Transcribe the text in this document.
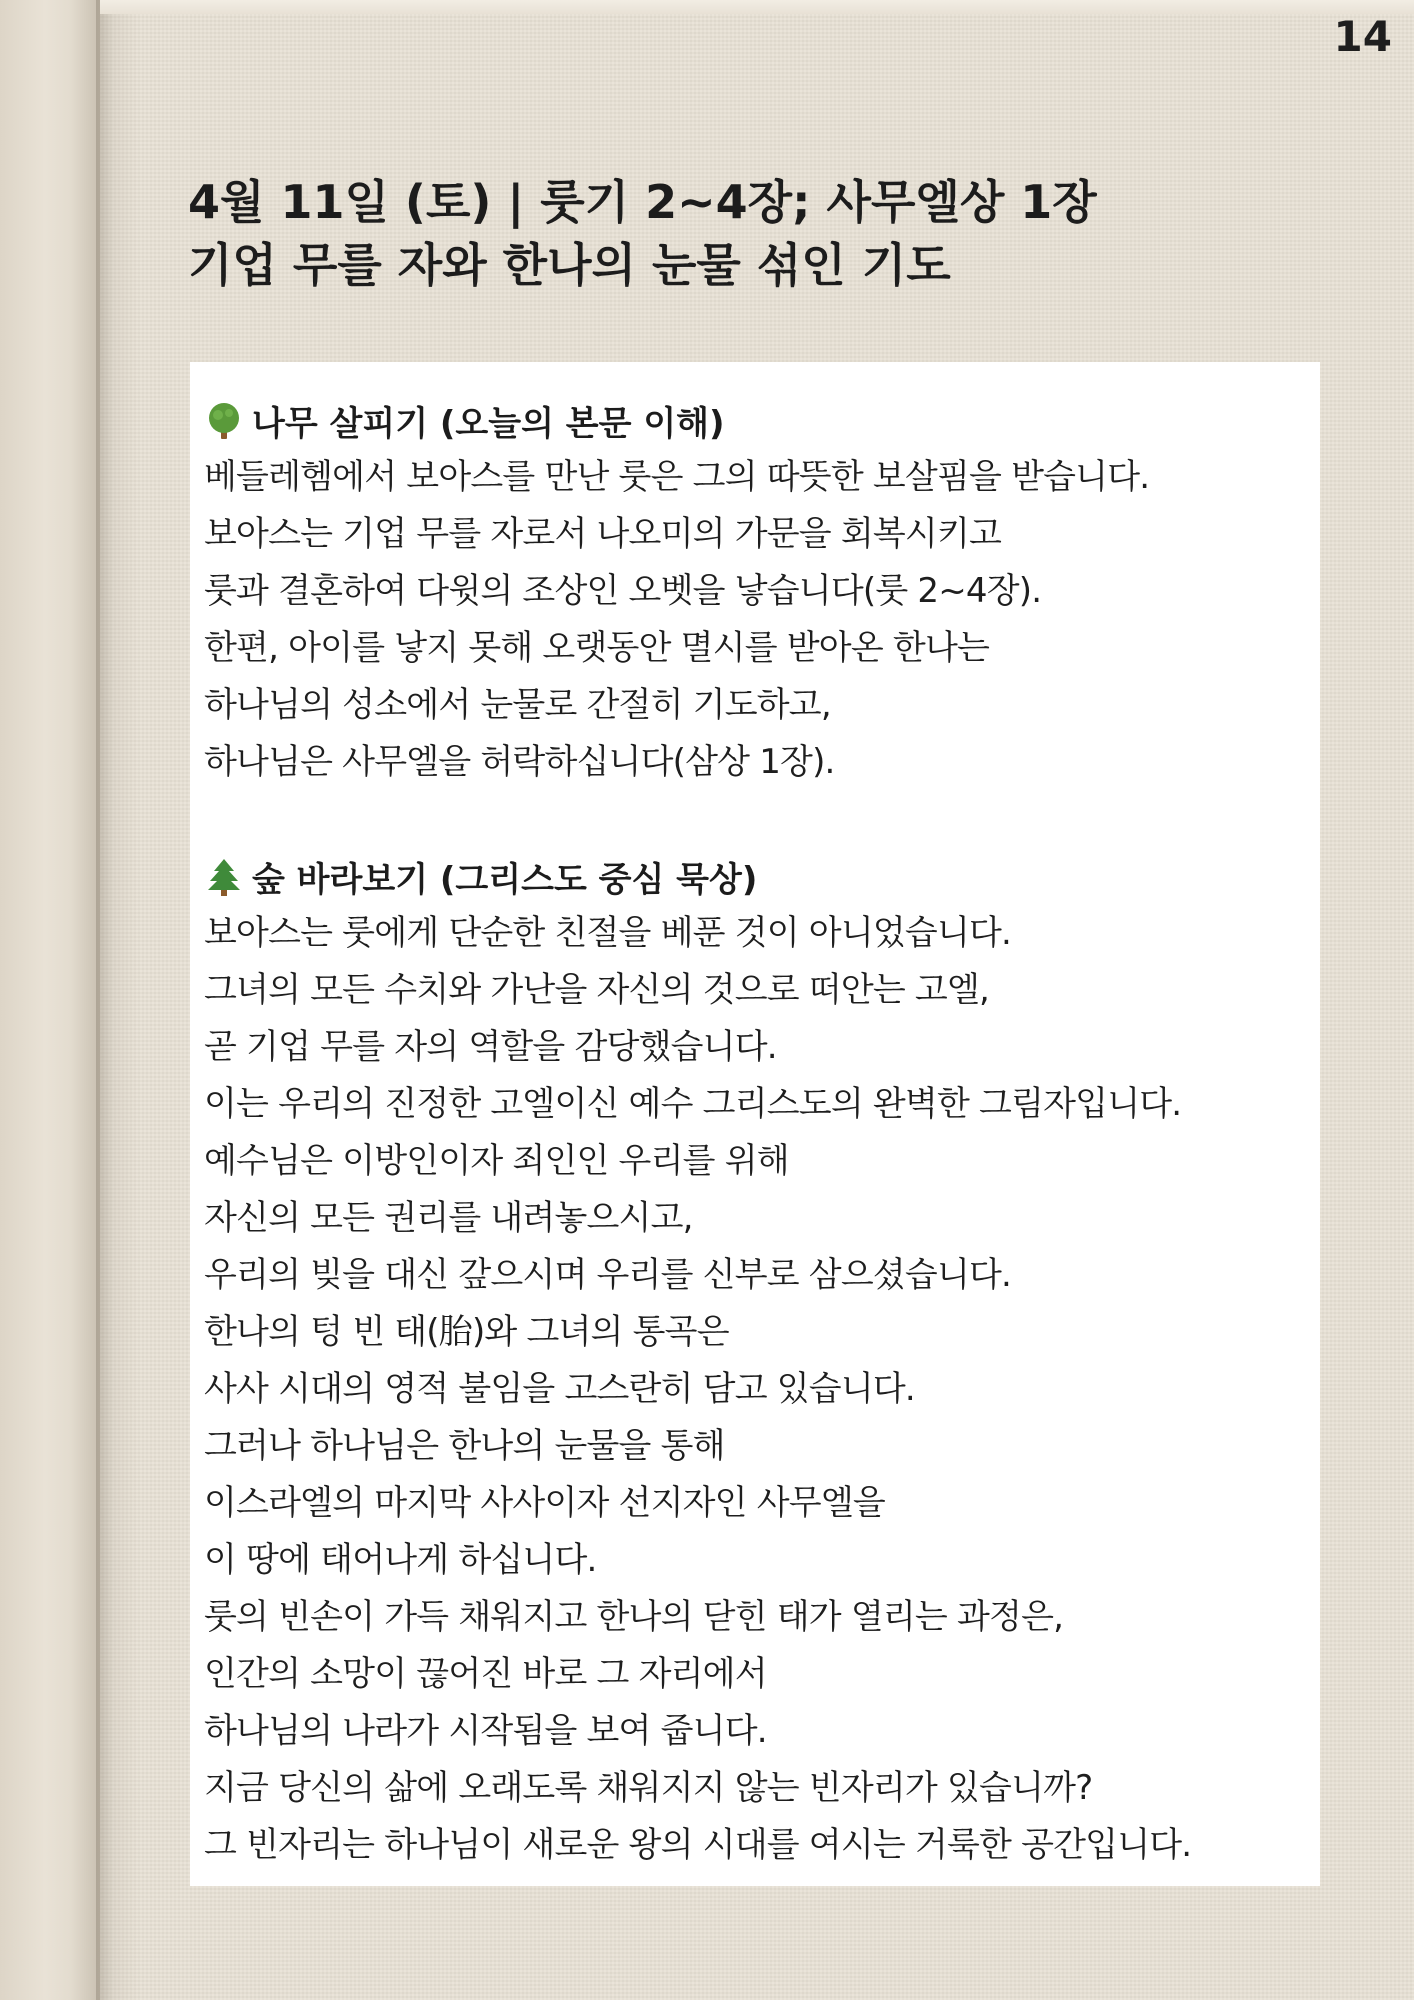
14
4월 11일 (토) | 룻기 2~4장; 사무엘상 1장
기업 무를 자와 한나의 눈물 섞인 기도
나무 살피기 (오늘의 본문 이해)
베들레헴에서 보아스를 만난 룻은 그의 따뜻한 보살핌을 받습니다.
보아스는 기업 무를 자로서 나오미의 가문을 회복시키고
룻과 결혼하여 다윗의 조상인 오벳을 낳습니다(룻 2~4장).
한편, 아이를 낳지 못해 오랫동안 멸시를 받아온 한나는
하나님의 성소에서 눈물로 간절히 기도하고,
하나님은 사무엘을 허락하십니다(삼상 1장).
숲 바라보기 (그리스도 중심 묵상)
보아스는 룻에게 단순한 친절을 베푼 것이 아니었습니다.
그녀의 모든 수치와 가난을 자신의 것으로 떠안는 고엘,
곧 기업 무를 자의 역할을 감당했습니다.
이는 우리의 진정한 고엘이신 예수 그리스도의 완벽한 그림자입니다.
예수님은 이방인이자 죄인인 우리를 위해
자신의 모든 권리를 내려놓으시고,
우리의 빚을 대신 갚으시며 우리를 신부로 삼으셨습니다.
한나의 텅 빈 태(胎)와 그녀의 통곡은
사사 시대의 영적 불임을 고스란히 담고 있습니다.
그러나 하나님은 한나의 눈물을 통해
이스라엘의 마지막 사사이자 선지자인 사무엘을
이 땅에 태어나게 하십니다.
룻의 빈손이 가득 채워지고 한나의 닫힌 태가 열리는 과정은,
인간의 소망이 끊어진 바로 그 자리에서
하나님의 나라가 시작됨을 보여 줍니다.
지금 당신의 삶에 오래도록 채워지지 않는 빈자리가 있습니까?
그 빈자리는 하나님이 새로운 왕의 시대를 여시는 거룩한 공간입니다.
